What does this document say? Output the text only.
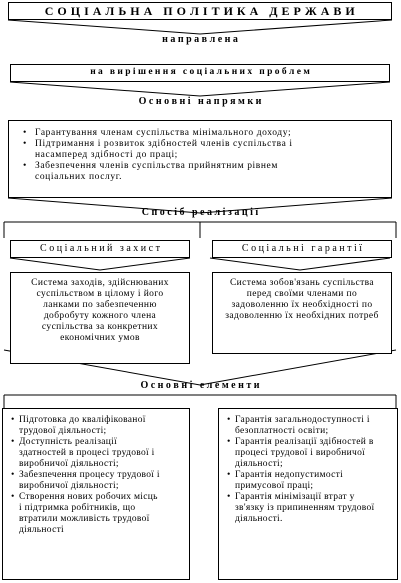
С О Ц І А Л Ь Н А   П О Л І Т И К А   Д Е Р Ж А В И
н а п р а в л е н а
н а   в и р і ш е н н я   с о ц і а л ь н и х   п р о б л е м
О с н о в н і   н а п р я м к и
• Гарантування членам суспільства мінімального доходу;
• Підтримання і розвиток здібностей членів суспільства і насамперед здібності до праці;
• Забезпечення членів суспільства прийнятним рівнем соціальних послуг.
С п о с і б   р е а л і з а ц і ї
С о ц і а л ь н и й   з а х и с т	С о ц і а л ь н і   г а р а н т і ї
Система заходів, здійснюваних суспільством в цілому і його ланками по забезпеченню добробуту кожного члена суспільства за конкретних економічних умов
Система зобов'язань суспільства перед своїми членами по задоволенню їх необхідності по задоволенню їх необхідних потреб
О с н о в н і   е л е м е н т и
• Підготовка до кваліфікованої трудової діяльності;
• Доступність реалізації здатностей в процесі трудової і виробничої діяльності;
• Забезпечення процесу трудової і виробничої діяльності;
• Створення нових робочих місць і підтримка робітників, що втратили можливість трудової діяльності
• Гарантія загальнодоступності і безоплатності освіти;
• Гарантія реалізації здібностей в процесі трудової і виробничої діяльності;
• Гарантія недопустимості примусової праці;
• Гарантія мінімізації втрат у зв'язку із припиненням трудової діяльності.
